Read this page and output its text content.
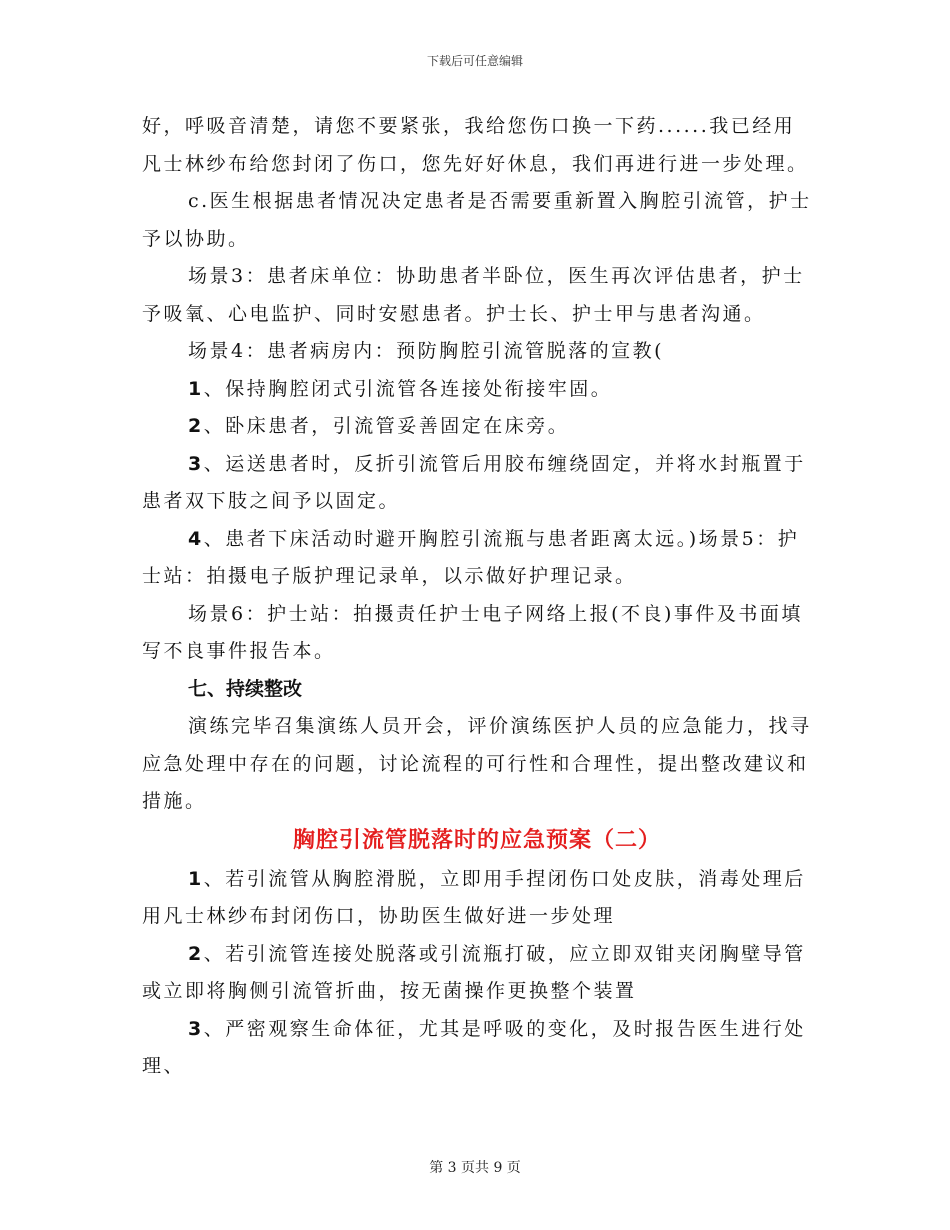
下载后可任意编辑

好，呼吸音清楚，请您不要紧张，我给您伤口换一下药......我已经用凡士林纱布给您封闭了伤口，您先好好休息，我们再进行进一步处理。

c.医生根据患者情况决定患者是否需要重新置入胸腔引流管，护士予以协助。

场景3：患者床单位：协助患者半卧位，医生再次评估患者，护士予吸氧、心电监护、同时安慰患者。护士长、护士甲与患者沟通。

场景4：患者病房内：预防胸腔引流管脱落的宣教(

1、保持胸腔闭式引流管各连接处衔接牢固。

2、卧床患者，引流管妥善固定在床旁。

3、运送患者时，反折引流管后用胶布缠绕固定，并将水封瓶置于患者双下肢之间予以固定。

4、患者下床活动时避开胸腔引流瓶与患者距离太远。)场景5：护士站：拍摄电子版护理记录单，以示做好护理记录。

场景6：护士站：拍摄责任护士电子网络上报(不良)事件及书面填写不良事件报告本。

七、持续整改

演练完毕召集演练人员开会，评价演练医护人员的应急能力，找寻应急处理中存在的问题，讨论流程的可行性和合理性，提出整改建议和措施。

胸腔引流管脱落时的应急预案（二）

1、若引流管从胸腔滑脱，立即用手捏闭伤口处皮肤，消毒处理后用凡士林纱布封闭伤口，协助医生做好进一步处理

2、若引流管连接处脱落或引流瓶打破，应立即双钳夹闭胸壁导管或立即将胸侧引流管折曲，按无菌操作更换整个装置

3、严密观察生命体征，尤其是呼吸的变化，及时报告医生进行处理、

第 3 页共 9 页
